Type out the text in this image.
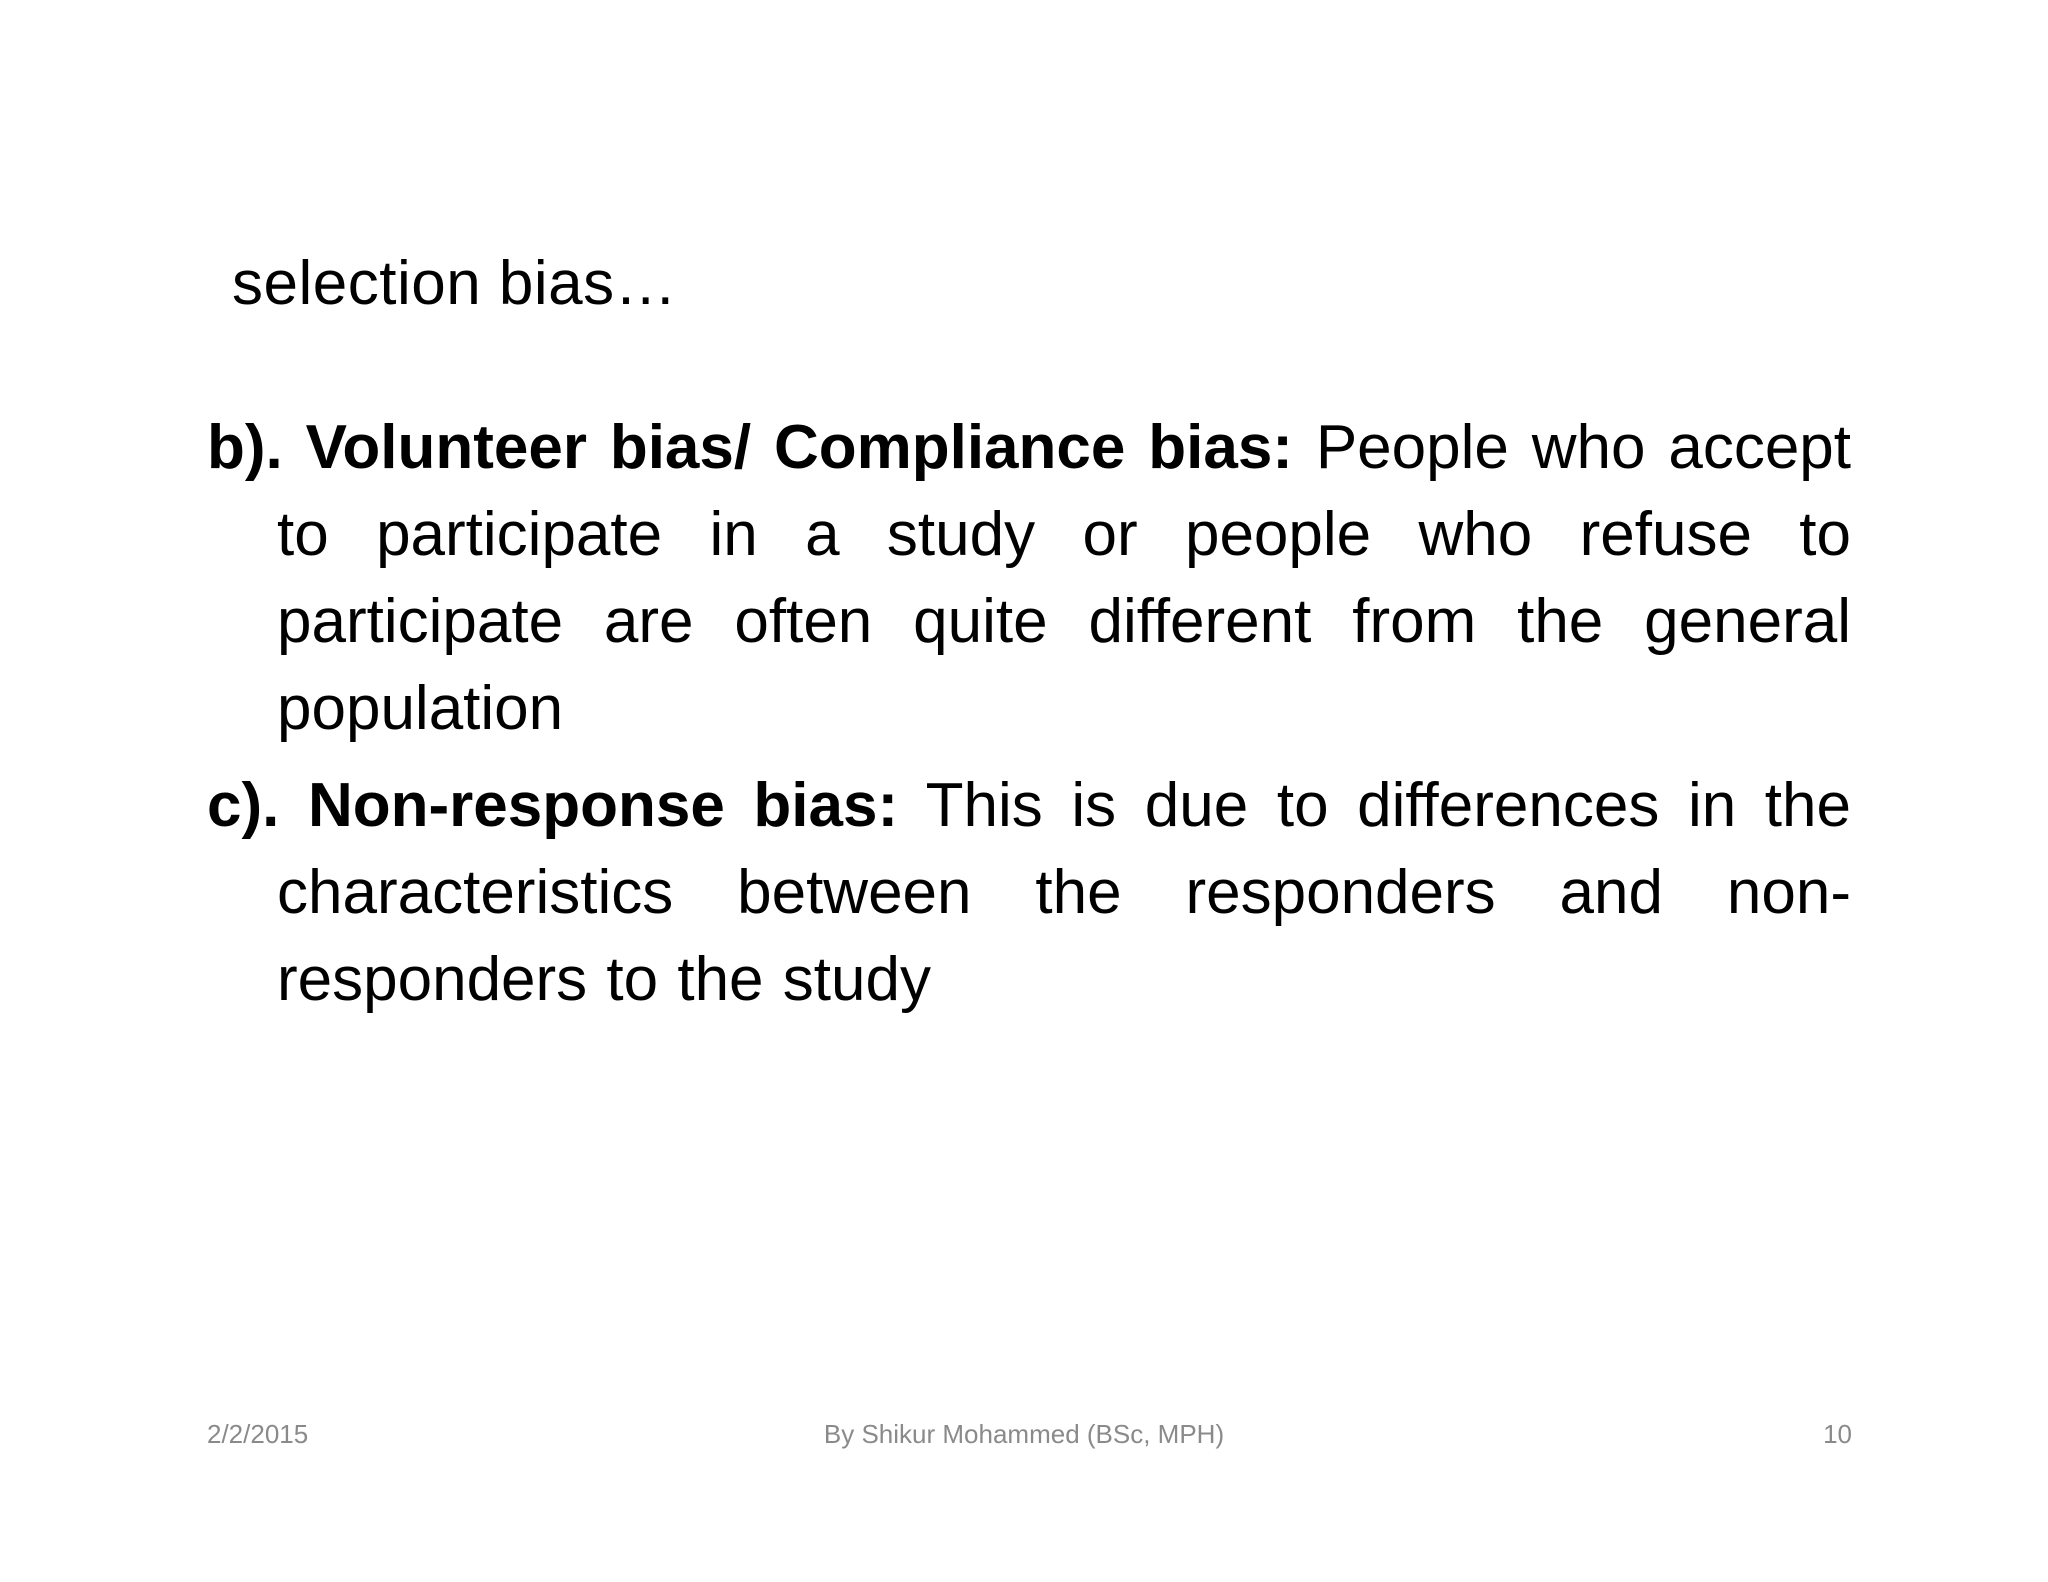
selection bias…

b). Volunteer bias/ Compliance bias: People who accept to participate in a study or people who refuse to participate are often quite different from the general population

c). Non-response bias: This is due to differences in the characteristics between the responders and non-responders to the study

2/2/2015	By Shikur Mohammed (BSc, MPH)	10
